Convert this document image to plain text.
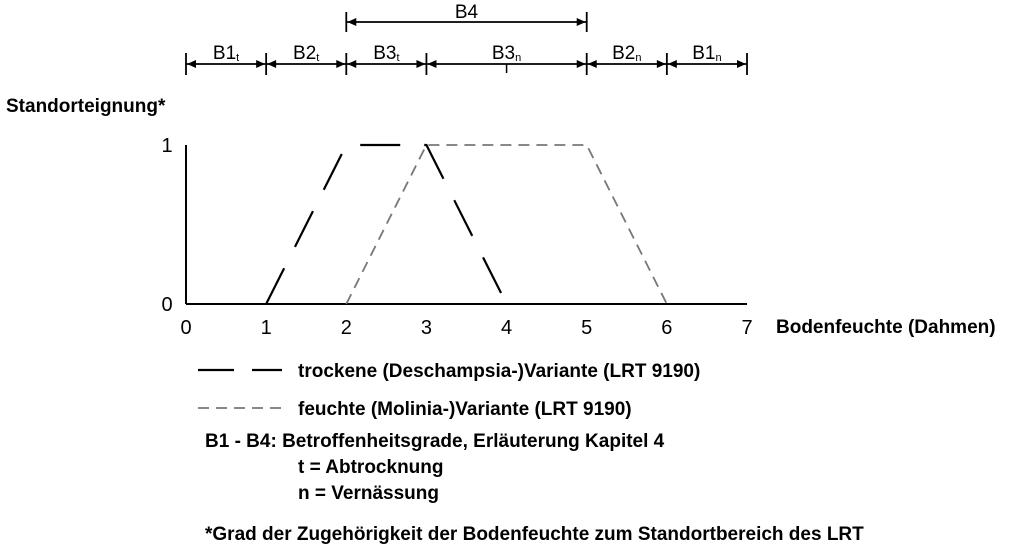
B1t	B2t	B3t	B3n	B2n	B1n
B4
0	1	2	3	4	5	6	7
0
1
trockene (Deschampsia-)Variante (LRT 9190)
feuchte (Molinia-)Variante (LRT 9190)
Standorteignung*
Bodenfeuchte (Dahmen)
B1 - B4: Betroffenheitsgrade, Erläuterung Kapitel 4
t = Abtrocknung
n = Vernässung
*Grad der Zugehörigkeit der Bodenfeuchte zum Standortbereich des LRT
